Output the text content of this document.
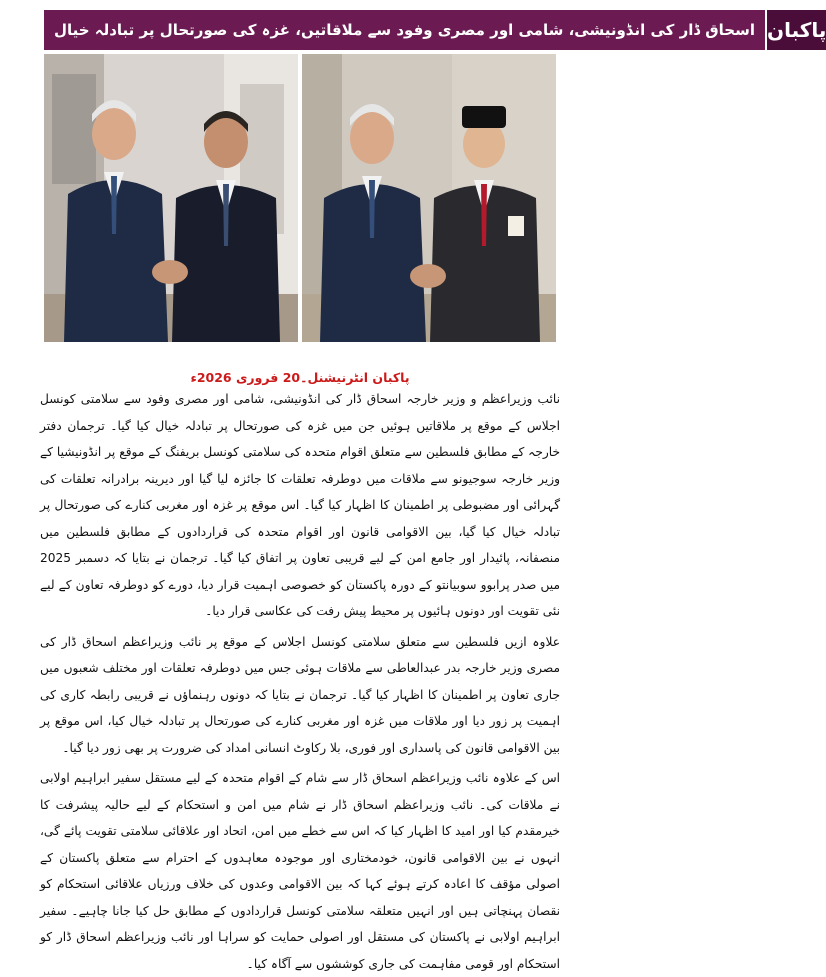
اسحاق ڈار کی انڈونیشی، شامی اور مصری وفود سے ملاقاتیں، غزہ کی صورتحال پر تبادلہ خیال پاکبان
پاکبان انٹرنیشنل۔20 فروری 2026ء

نائب وزیراعظم و وزیر خارجہ اسحاق ڈار کی انڈونیشی، شامی اور مصری وفود سے سلامتی کونسل اجلاس کے موقع پر ملاقاتیں ہوئیں جن میں غزہ کی صورتحال پر تبادلہ خیال کیا گیا۔ ترجمان دفتر خارجہ کے مطابق فلسطین سے متعلق اقوام متحدہ کی سلامتی کونسل بریفنگ کے موقع پر انڈونیشیا کے وزیر خارجہ سوجیونو سے ملاقات میں دوطرفہ تعلقات کا جائزہ لیا گیا اور دیرینہ برادرانہ تعلقات کی گہرائی اور مضبوطی پر اطمینان کا اظہار کیا گیا۔ اس موقع پر غزہ اور مغربی کنارے کی صورتحال پر تبادلہ خیال کیا گیا، بین الاقوامی قانون اور اقوام متحدہ کی قراردادوں کے مطابق فلسطین میں منصفانہ، پائیدار اور جامع امن کے لیے قریبی تعاون پر اتفاق کیا گیا۔ ترجمان نے بتایا کہ دسمبر 2025 میں صدر پرابوو سوبیانتو کے دورہ پاکستان کو خصوصی اہمیت قرار دیا، دورے کو دوطرفہ تعاون کے لیے نئی تقویت اور دونوں ہائیوں پر محیط پیش رفت کی عکاسی قرار دیا۔

علاوہ ازیں فلسطین سے متعلق سلامتی کونسل اجلاس کے موقع پر نائب وزیراعظم اسحاق ڈار کی مصری وزیر خارجہ بدر عبدالعاطی سے ملاقات ہوئی جس میں دوطرفہ تعلقات اور مختلف شعبوں میں جاری تعاون پر اطمینان کا اظہار کیا گیا۔ ترجمان نے بتایا کہ دونوں رہنماؤں نے قریبی رابطہ کاری کی اہمیت پر زور دیا اور ملاقات میں غزہ اور مغربی کنارے کی صورتحال پر تبادلہ خیال کیا، اس موقع پر بین الاقوامی قانون کی پاسداری اور فوری، بلا رکاوٹ انسانی امداد کی ضرورت پر بھی زور دیا گیا۔

اس کے علاوہ نائب وزیراعظم اسحاق ڈار سے شام کے اقوام متحدہ کے لیے مستقل سفیر ابراہیم اولابی نے ملاقات کی۔ نائب وزیراعظم اسحاق ڈار نے شام میں امن و استحکام کے لیے حالیہ پیشرفت کا خیرمقدم کیا اور امید کا اظہار کیا کہ اس سے خطے میں امن، اتحاد اور علاقائی سلامتی تقویت پائے گی، انہوں نے بین الاقوامی قانون، خودمختاری اور موجودہ معاہدوں کے احترام سے متعلق پاکستان کے اصولی مؤقف کا اعادہ کرتے ہوئے کہا کہ بین الاقوامی وعدوں کی خلاف ورزیاں علاقائی استحکام کو نقصان پہنچاتی ہیں اور انہیں متعلقہ سلامتی کونسل قراردادوں کے مطابق حل کیا جانا چاہیے۔ سفیر ابراہیم اولابی نے پاکستان کی مستقل اور اصولی حمایت کو سراہا اور نائب وزیراعظم اسحاق ڈار کو استحکام اور قومی مفاہمت کی جاری کوششوں سے آگاہ کیا۔
